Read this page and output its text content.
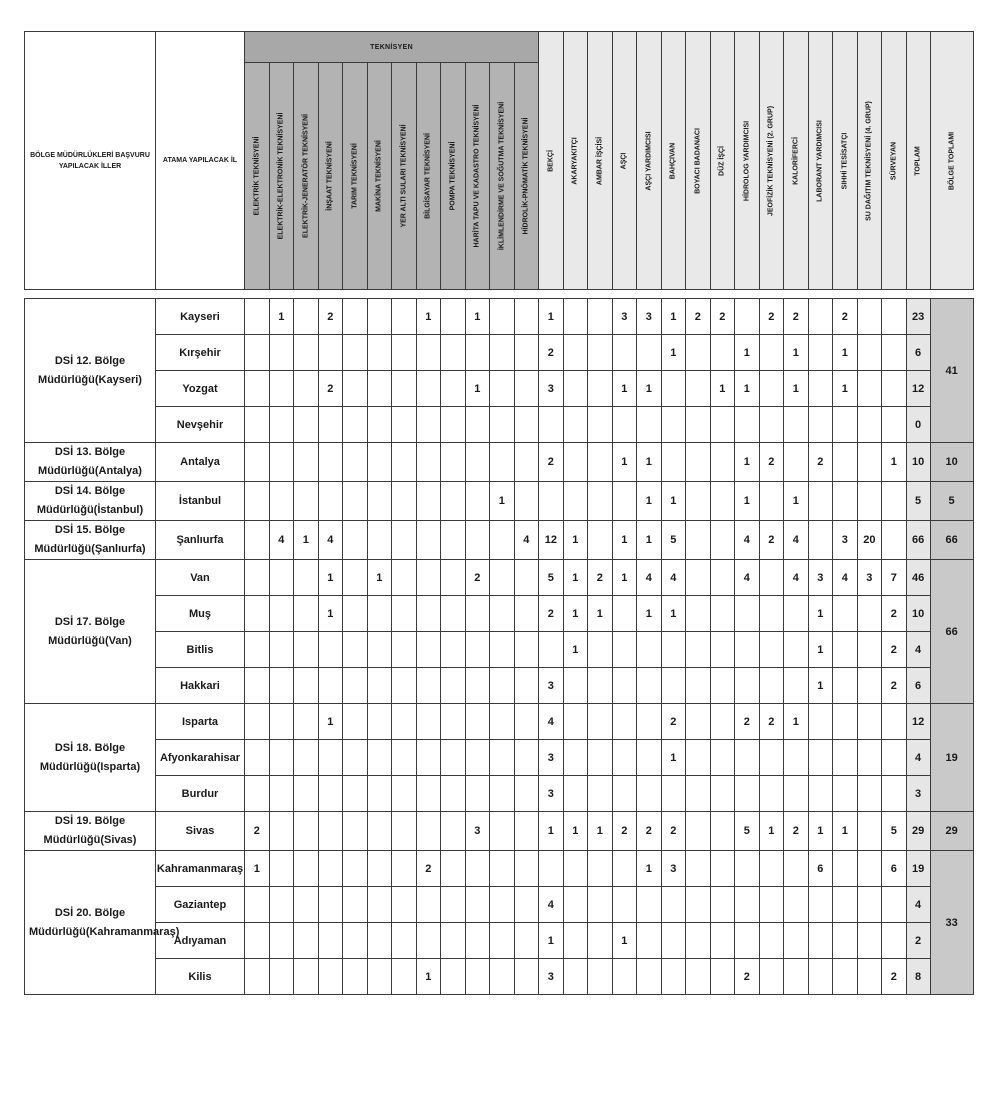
BÖLGE MÜDÜRLÜKLERİ BAŞVURU YAPILACAK İLLER	ATAMA YAPILACAK İL	TEKNİSYEN												BEKÇİ	AKARYAKITÇI	AMBAR İŞÇİSİ	AŞÇI	AŞÇI YARDIMCISI	BAHÇIVAN	BOYACI BADANACI	DÜZ İŞÇİ	HİDROLOG YARDIMCISI	JEOFİZİK TEKNİSYENİ (2. GRUP)	KALORİFERCİ	LABORANT YARDIMCISI	SIHHİ TESİSATÇI	SU DAĞITIM TEKNİSYENİ (4. GRUP)	SÜRVEYAN	TOPLAM	BÖLGE TOPLAMI

		ELEKTRİK TEKNİSYENİ	ELEKTRİK-ELEKTRONİK TEKNİSYENİ	ELEKTRİK-JENERATÖR TEKNİSYENİ	İNŞAAT TEKNİSYENİ	TARIM TEKNİSYENİ	MAKİNA TEKNİSYENİ	YER ALTI SULARI TEKNİSYENİ	BİLGİSAYAR TEKNİSYENİ	POMPA TEKNİSYENİ	HARİTA TAPU VE KADASTRO TEKNİSYENİ	İKLİMLENDİRME VE SOĞUTMA TEKNİSYENİ	HİDROLİK-PNÖMATİK TEKNİSYENİ																	

DSİ 12. Bölge Müdürlüğü(Kayseri)	Kayseri		1		2				1		1			1			3	3	1	2	2		2	2		2			23	41
	Kırşehir													2					1			1		1		1			6	
	Yozgat				2						1			3			1	1			1	1		1		1			12	
	Nevşehir																												0	
DSİ 13. Bölge Müdürlüğü(Antalya)	Antalya													2			1	1				1	2		2			1	10	10
DSİ 14. Bölge Müdürlüğü(İstanbul)	İstanbul											1						1	1			1		1					5	5
DSİ 15. Bölge Müdürlüğü(Şanlıurfa)	Şanlıurfa		4	1	4								4	12	1		1	1	5			4	2	4		3	20		66	66
DSİ 17. Bölge Müdürlüğü(Van)	Van				1		1				2			5	1	2	1	4	4			4		4	3	4	3	7	46	66
	Muş				1									2	1	1		1	1						1			2	10	
	Bitlis														1										1			2	4	
	Hakkari													3											1			2	6	
DSİ 18. Bölge Müdürlüğü(Isparta)	Isparta				1									4					2			2	2	1					12	19
	Afyonkarahisar													3					1										4	
	Burdur													3															3	
DSİ 19. Bölge Müdürlüğü(Sivas)	Sivas	2									3			1	1	1	2	2	2			5	1	2	1	1		5	29	29
DSİ 20. Bölge Müdürlüğü(Kahramanmaraş)	Kahramanmaraş	1							2									1	3						6			6	19	33
	Gaziantep													4															4	
	Adıyaman													1			1												2	
	Kilis								1					3								2						2	8	
